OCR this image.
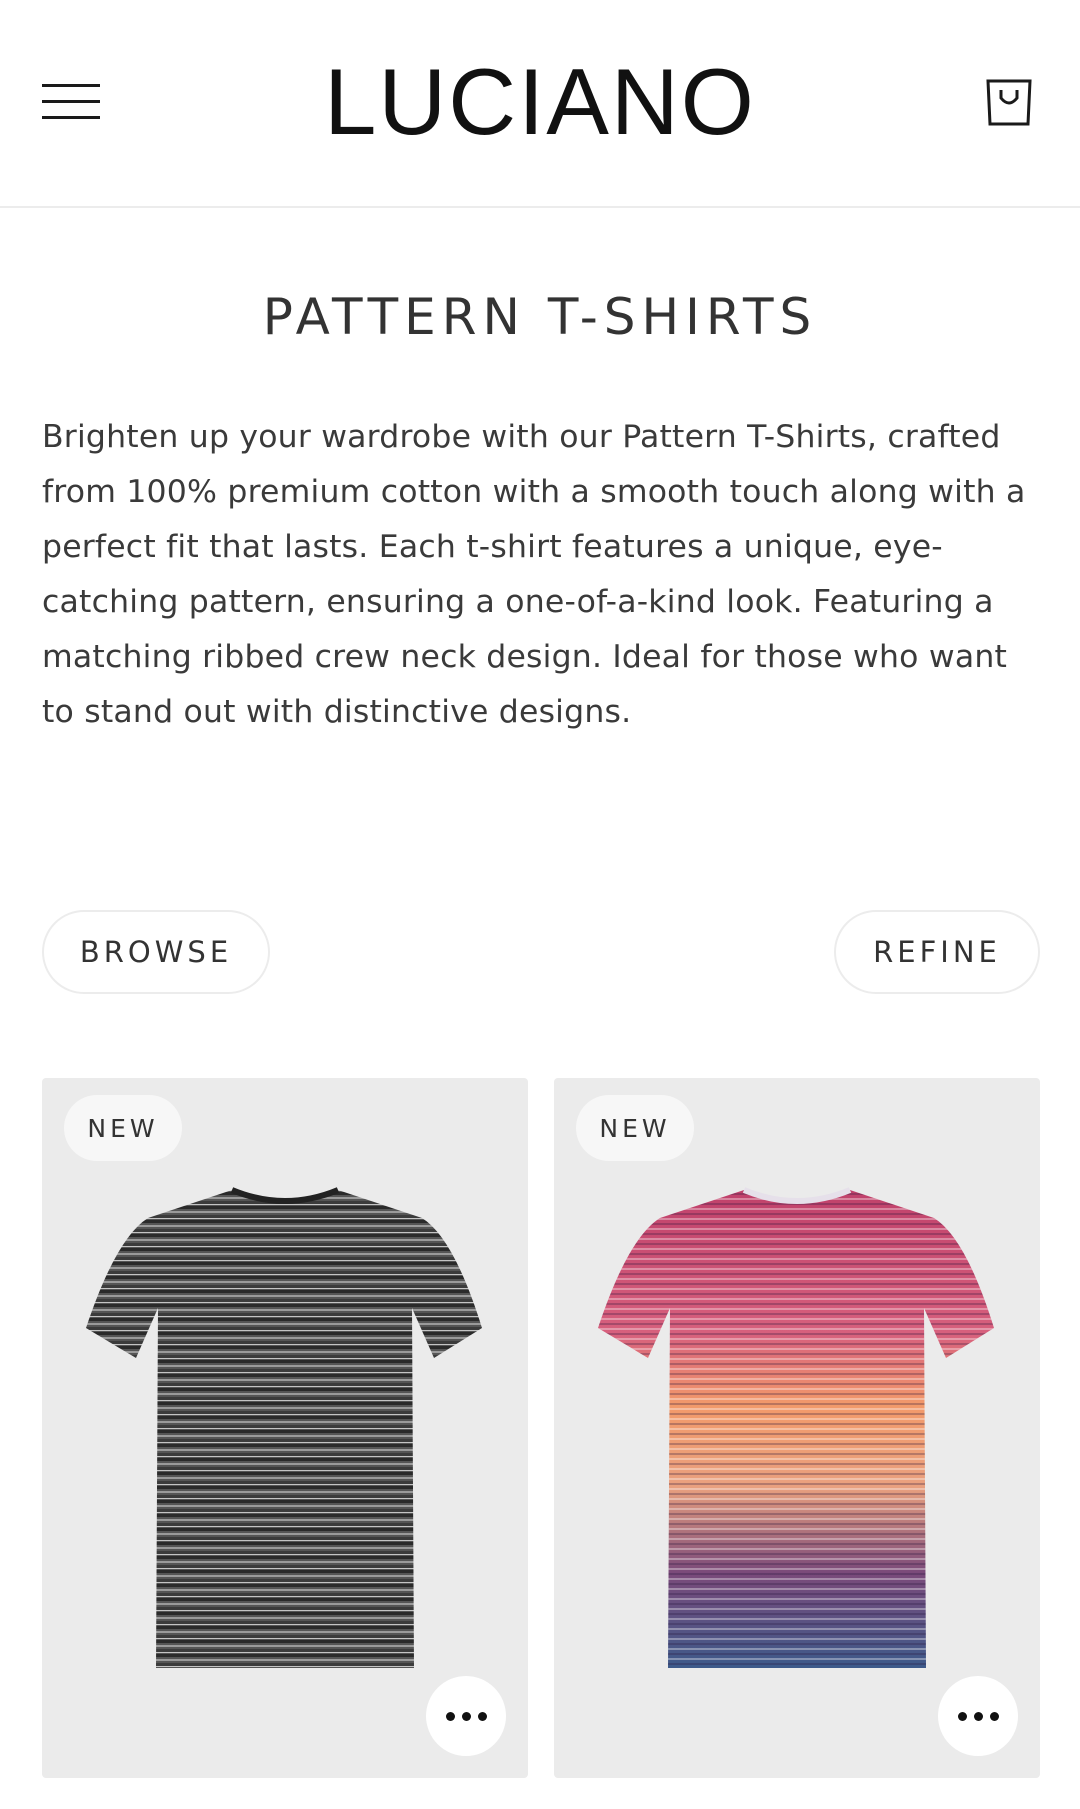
LUCIANO
PATTERN T-SHIRTS

Brighten up your wardrobe with our Pattern T-Shirts, crafted from 100% premium cotton with a smooth touch along with a perfect fit that lasts. Each t-shirt features a unique, eye-catching pattern, ensuring a one-of-a-kind look. Featuring a matching ribbed crew neck design. Ideal for those who want to stand out with distinctive designs.

BROWSE	REFINE
NEW	NEW
